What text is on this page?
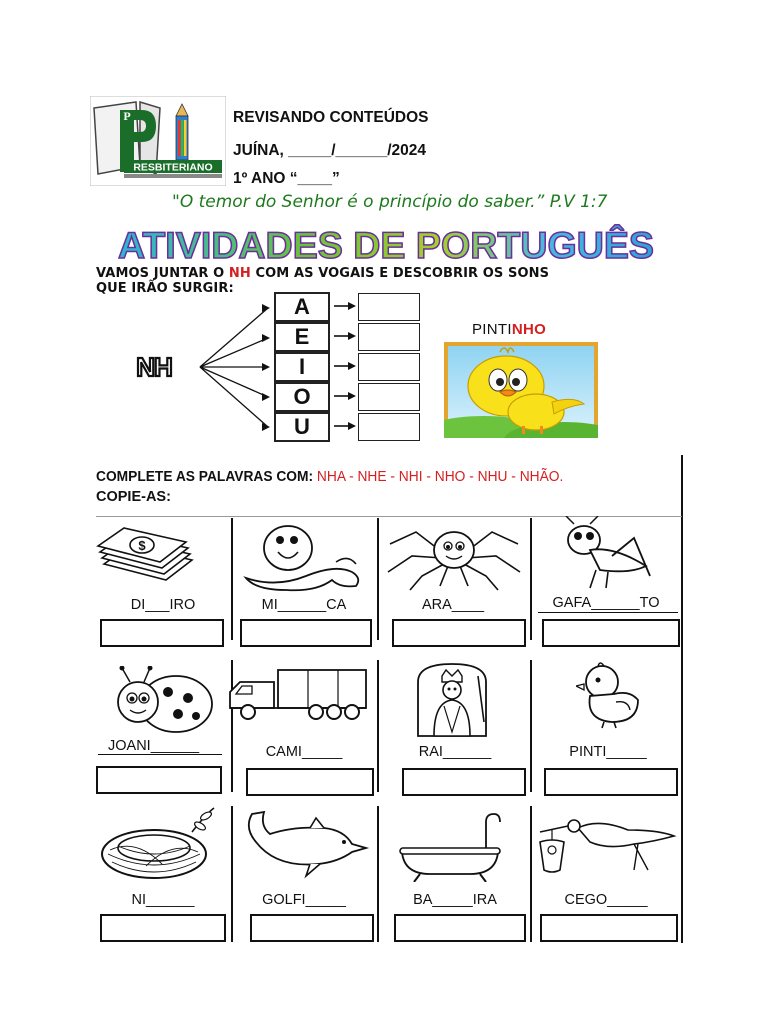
P
RESBITERIANO
REVISANDO CONTEÚDOS
JUÍNA, _____/______/2024
1º ANO “____”
"O temor do Senhor é o princípio do saber.” P.V 1:7
ATIVIDADES DE PORTUGUÊS
VAMOS JUNTAR O NH COM AS VOGAIS E DESCOBRIR OS SONS
QUE IRÃO SURGIR:
NH
A
E
I
O
U
PINTINHO
COMPLETE AS PALAVRAS COM: NHA - NHE - NHI - NHO - NHU - NHÃO.
COPIE-AS:
$
DI___IRO	MI______CA	ARA____	GAFA______TO
JOANI______	CAMI_____	RAI______	PINTI_____
NI______	GOLFI_____	BA_____IRA	CEGO_____
